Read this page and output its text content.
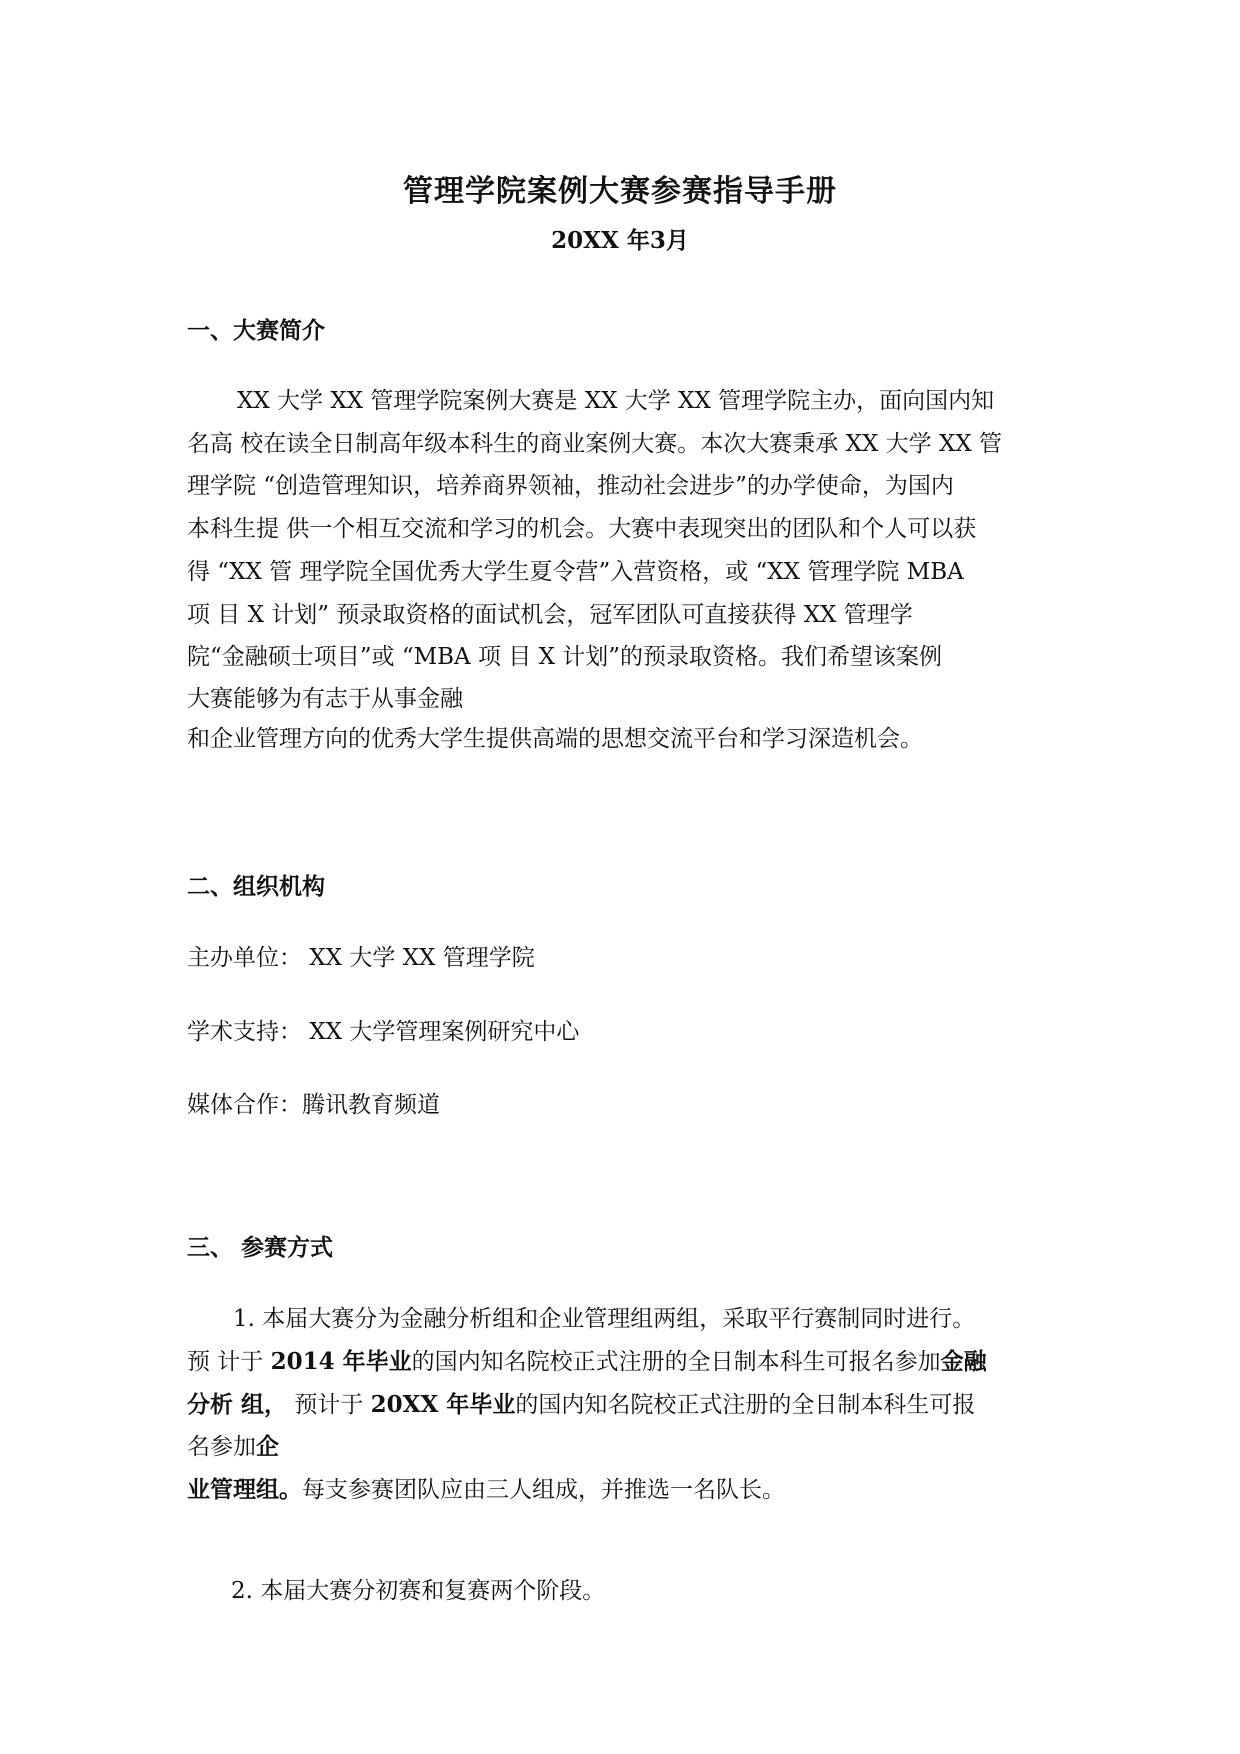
管理学院案例大赛参赛指导手册
20XX 年3月
一、大赛简介
XX 大学 XX 管理学院案例大赛是 XX 大学 XX 管理学院主办，面向国内知
名高 校在读全日制高年级本科生的商业案例大赛。本次大赛秉承 XX 大学 XX 管
理学院 “创造管理知识，培养商界领袖，推动社会进步”的办学使命，为国内
本科生提 供一个相互交流和学习的机会。大赛中表现突出的团队和个人可以获
得 “XX 管 理学院全国优秀大学生夏令营”入营资格，或 “XX 管理学院 MBA
项 目 X 计划” 预录取资格的面试机会，冠军团队可直接获得 XX 管理学
院“金融硕士项目”或 “MBA 项 目 X 计划”的预录取资格。我们希望该案例
大赛能够为有志于从事金融
和企业管理方向的优秀大学生提供高端的思想交流平台和学习深造机会。
二、组织机构
主办单位： XX 大学 XX 管理学院
学术支持： XX 大学管理案例研究中心
媒体合作：腾讯教育频道
三、 参赛方式
1. 本届大赛分为金融分析组和企业管理组两组，采取平行赛制同时进行。
预 计于 2014 年毕业的国内知名院校正式注册的全日制本科生可报名参加金融
分析 组， 预计于 20XX 年毕业的国内知名院校正式注册的全日制本科生可报
名参加企
业管理组。每支参赛团队应由三人组成，并推选一名队长。
2. 本届大赛分初赛和复赛两个阶段。
